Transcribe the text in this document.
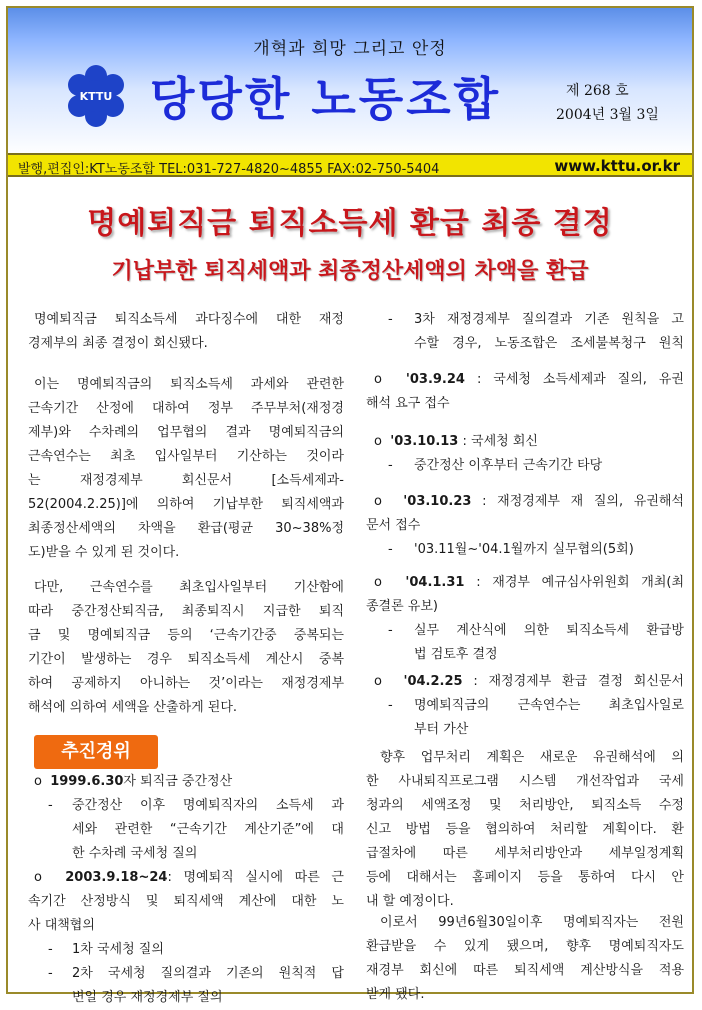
개혁과 희망 그리고 안정
KTTU 당당한 노동조합	제 268 호
2004년 3월 3일
발행,편집인:KT노동조합 TEL:031-727-4820~4855 FAX:02-750-5404	www.kttu.or.kr
명예퇴직금 퇴직소득세 환급 최종 결정
기납부한 퇴직세액과 최종정산세액의 차액을 환급

명예퇴직금 퇴직소득세 과다징수에 대한 재정

경제부의 최종 결정이 회신됐다.

이는 명예퇴직금의 퇴직소득세 과세와 관련한

근속기간 산정에 대하여 정부 주무부처(재정경

제부)와 수차례의 업무협의 결과 명예퇴직금의

근속연수는 최초 입사일부터 기산하는 것이라

는 재정경제부 회신문서 [소득세제과-

52(2004.2.25)]에 의하여 기납부한 퇴직세액과

최종정산세액의 차액을 환급(평균 30~38%정

도)받을 수 있게 된 것이다.

다만, 근속연수를 최초입사일부터 기산함에

따라 중간정산퇴직금, 최종퇴직시 지급한 퇴직

금 및 명예퇴직금 등의 ‘근속기간중 중복되는

기간이 발생하는 경우 퇴직소득세 계산시 중복

하여 공제하지 아니하는 것’이라는 재정경제부

해석에 의하여 세액을 산출하게 된다.

추진경위

ο  1999.6.30자 퇴직금 중간정산

- 중간정산 이후 명예퇴직자의 소득세 과

세와 관련한 “근속기간 계산기준”에 대

한 수차례 국세청 질의

ο  2003.9.18~24: 명예퇴직 실시에 따른 근

속기간 산정방식 및 퇴직세액 계산에 대한 노

사 대책협의

- 1차 국세청 질의

- 2차 국세청 질의결과 기존의 원칙적 답

변일 경우 재정경제부 질의

- 3차 재정경제부 질의결과 기존 원칙을 고

수할 경우, 노동조합은 조세불복청구 원칙

ο  '03.9.24 : 국세청 소득세제과 질의, 유권

해석 요구 접수

ο  '03.10.13 : 국세청 회신

- 중간정산 이후부터 근속기간 타당

ο  '03.10.23 : 재정경제부 재 질의, 유권해석

문서 접수

- '03.11월~'04.1월까지 실무협의(5회)

ο  '04.1.31 : 재경부 예규심사위원회 개최(최

종결론 유보)

- 실무 계산식에 의한 퇴직소득세 환급방

법 검토후 결정

ο  '04.2.25 : 재정경제부 환급 결정 회신문서

- 명예퇴직금의 근속연수는 최초입사일로

부터 가산

향후 업무처리 계획은 새로운 유권해석에 의

한 사내퇴직프로그램 시스템 개선작업과 국세

청과의 세액조정 및 처리방안, 퇴직소득 수정

신고 방법 등을 협의하여 처리할 계획이다. 환

급절차에 따른 세부처리방안과 세부일정계획

등에 대해서는 홈페이지 등을 통하여 다시 안

내 할 예정이다.

이로서 99년6월30일이후 명예퇴직자는 전원

환급받을 수 있게 됐으며, 향후 명예퇴직자도

재경부 회신에 따른 퇴직세액 계산방식을 적용

받게 됐다.
